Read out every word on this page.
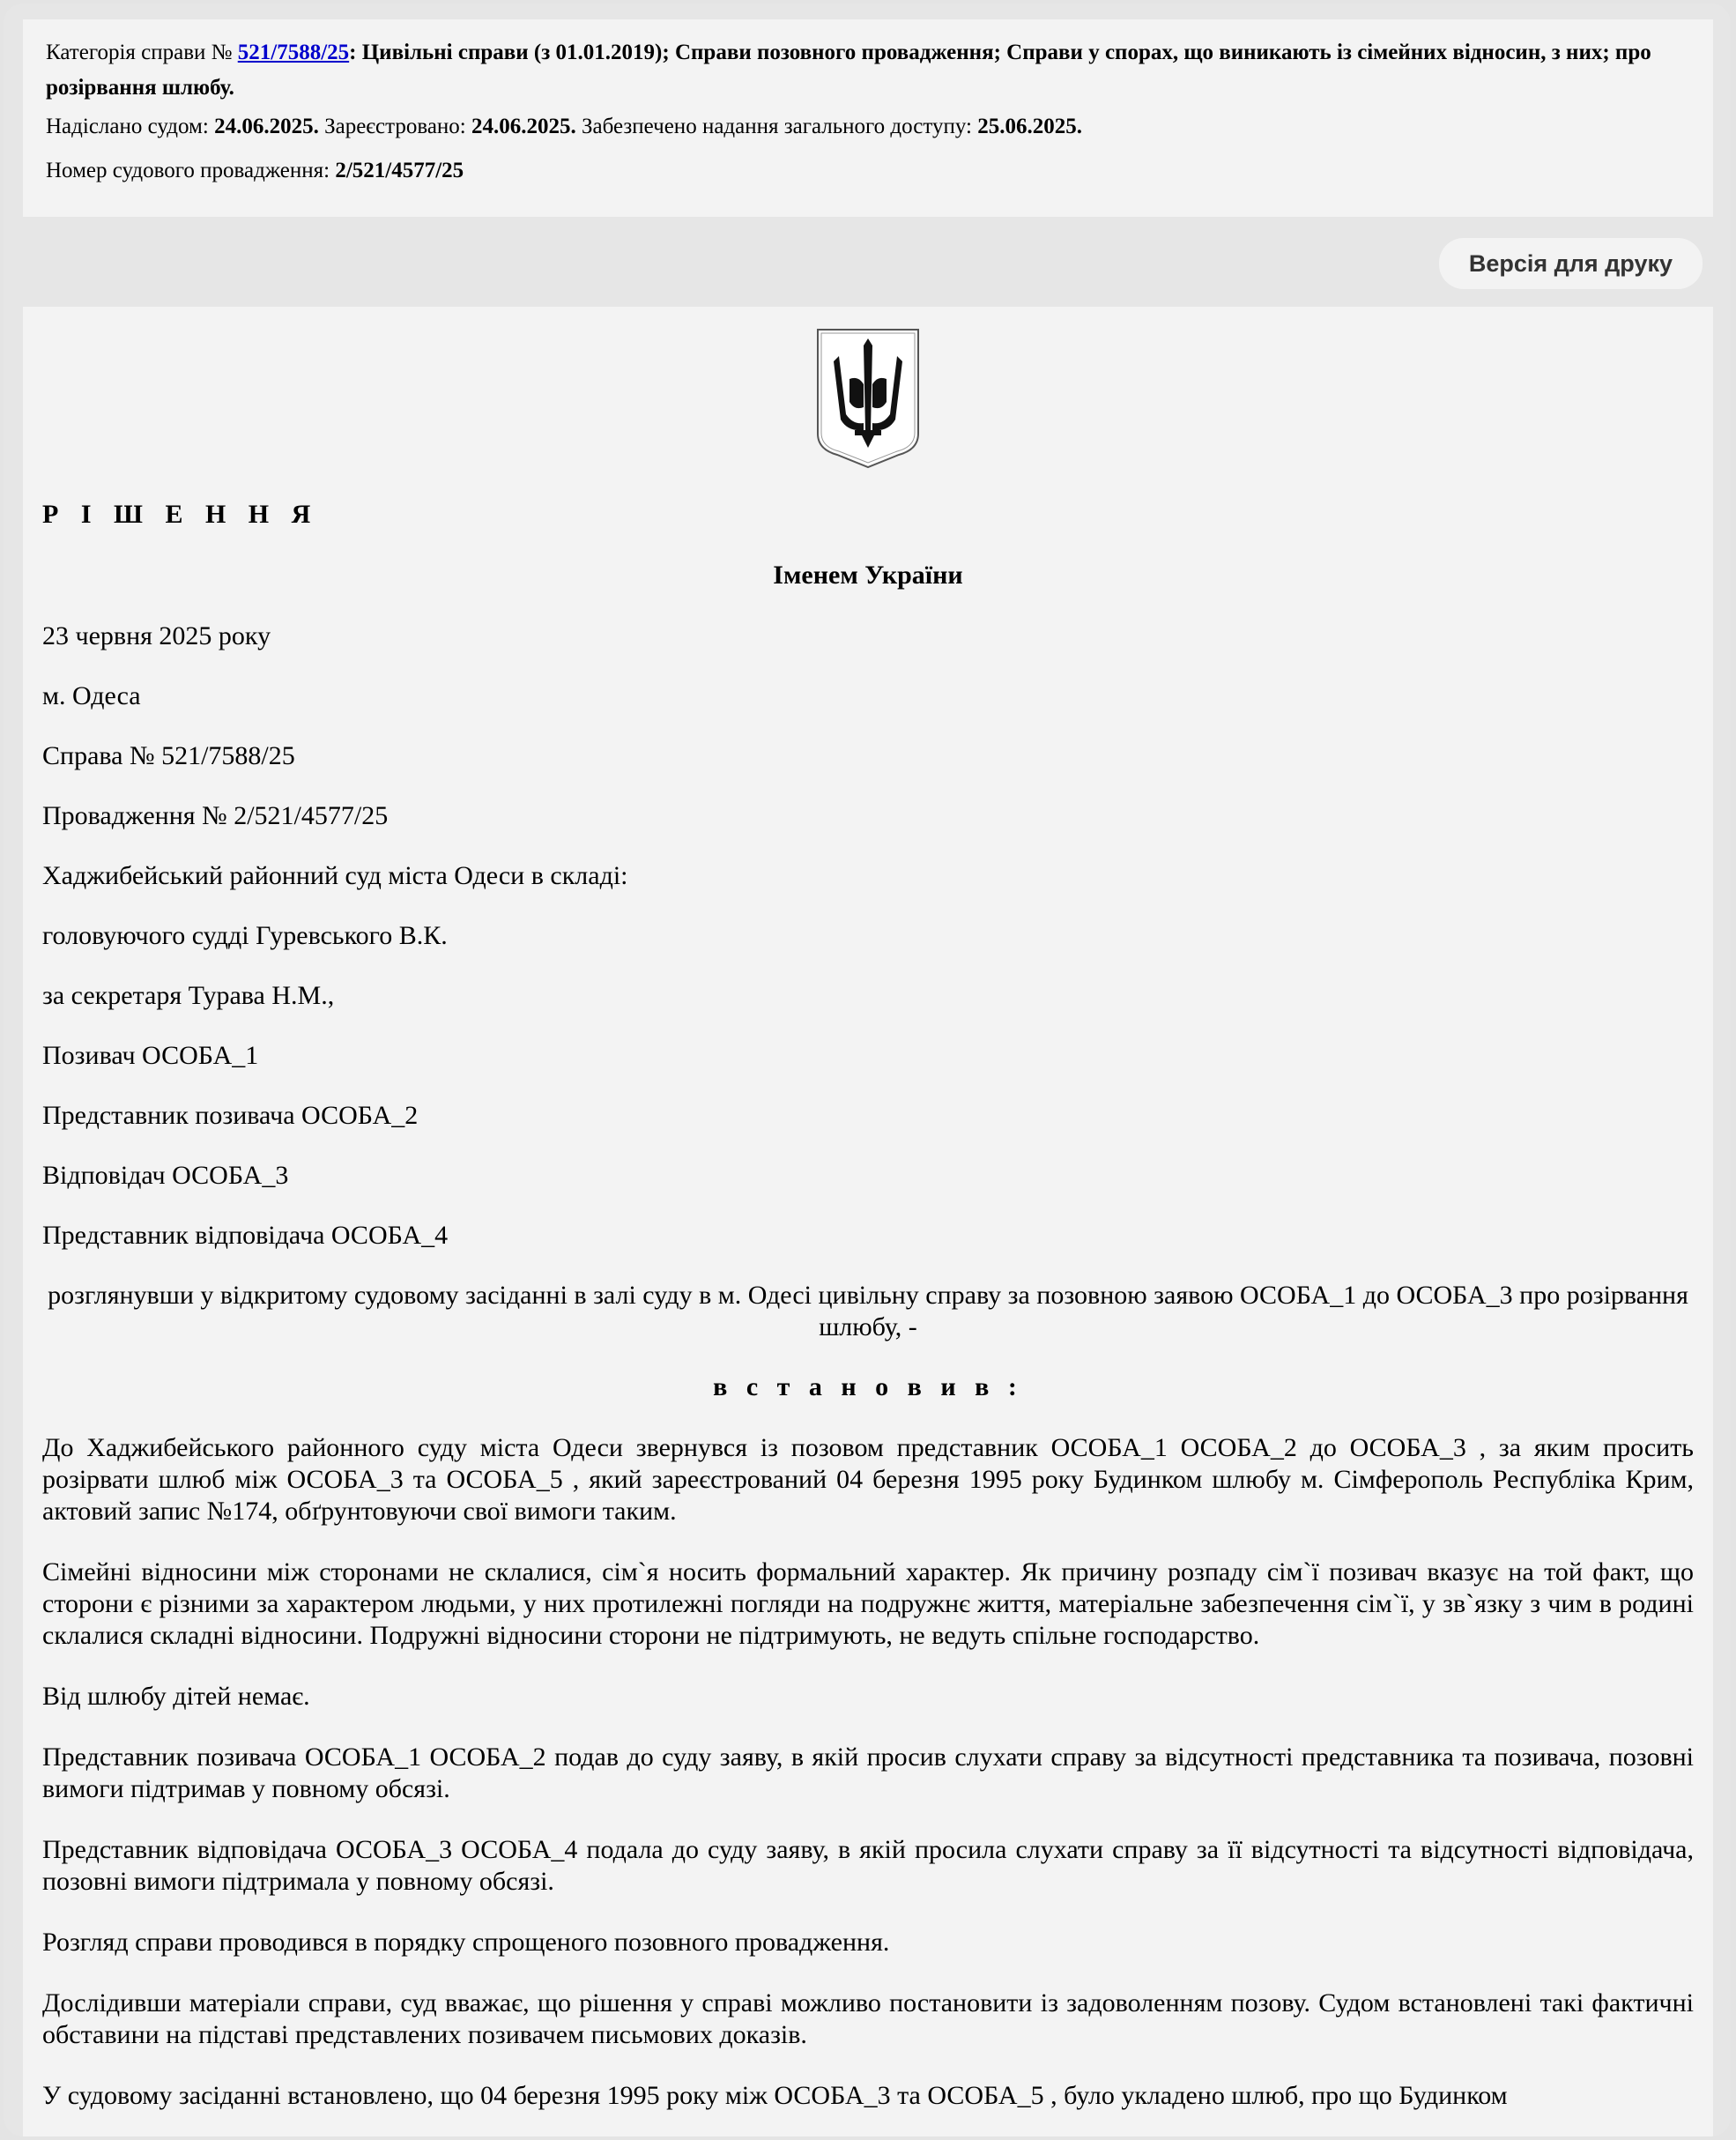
Категорія справи № 521/7588/25: Цивільні справи (з 01.01.2019); Справи позовного провадження; Справи у спорах, що виникають із сімейних відносин, з них; про розірвання шлюбу.

Надіслано судом: 24.06.2025. Зареєстровано: 24.06.2025. Забезпечено надання загального доступу: 25.06.2025.

Номер судового провадження: 2/521/4577/25

Версія для друку

Р І Ш Е Н Н Я

Іменем України

23 червня 2025 року

м. Одеса

Справа № 521/7588/25

Провадження № 2/521/4577/25

Хаджибейський районний суд міста Одеси в складі:

головуючого судді Гуревського В.К.

за секретаря Турава Н.М.,

Позивач ОСОБА_1

Представник позивача ОСОБА_2

Відповідач ОСОБА_3

Представник відповідача ОСОБА_4

розглянувши у відкритому судовому засіданні в залі суду в м. Одесі цивільну справу за позовною заявою ОСОБА_1 до ОСОБА_3 про розірвання шлюбу, -

в с т а н о в и в :

До Хаджибейського районного суду міста Одеси звернувся із позовом представник ОСОБА_1 ОСОБА_2 до ОСОБА_3 , за яким просить розірвати шлюб між ОСОБА_3 та ОСОБА_5 , який зареєстрований 04 березня 1995 року Будинком шлюбу м. Сімферополь Республіка Крим, актовий запис №174, обґрунтовуючи свої вимоги таким.

Сімейні відносини між сторонами не склалися, сім`я носить формальний характер. Як причину розпаду сім`ї позивач вказує на той факт, що сторони є різними за характером людьми, у них протилежні погляди на подружнє життя, матеріальне забезпечення сім`ї, у зв`язку з чим в родині склалися складні відносини. Подружні відносини сторони не підтримують, не ведуть спільне господарство.

Від шлюбу дітей немає.

Представник позивача ОСОБА_1 ОСОБА_2 подав до суду заяву, в якій просив слухати справу за відсутності представника та позивача, позовні вимоги підтримав у повному обсязі.

Представник відповідача ОСОБА_3 ОСОБА_4 подала до суду заяву, в якій просила слухати справу за її відсутності та відсутності відповідача, позовні вимоги підтримала у повному обсязі.

Розгляд справи проводився в порядку спрощеного позовного провадження.

Дослідивши матеріали справи, суд вважає, що рішення у справі можливо постановити із задоволенням позову. Судом встановлені такі фактичні обставини на підставі представлених позивачем письмових доказів.

У судовому засіданні встановлено, що 04 березня 1995 року між ОСОБА_3 та ОСОБА_5 , було укладено шлюб, про що Будинком
